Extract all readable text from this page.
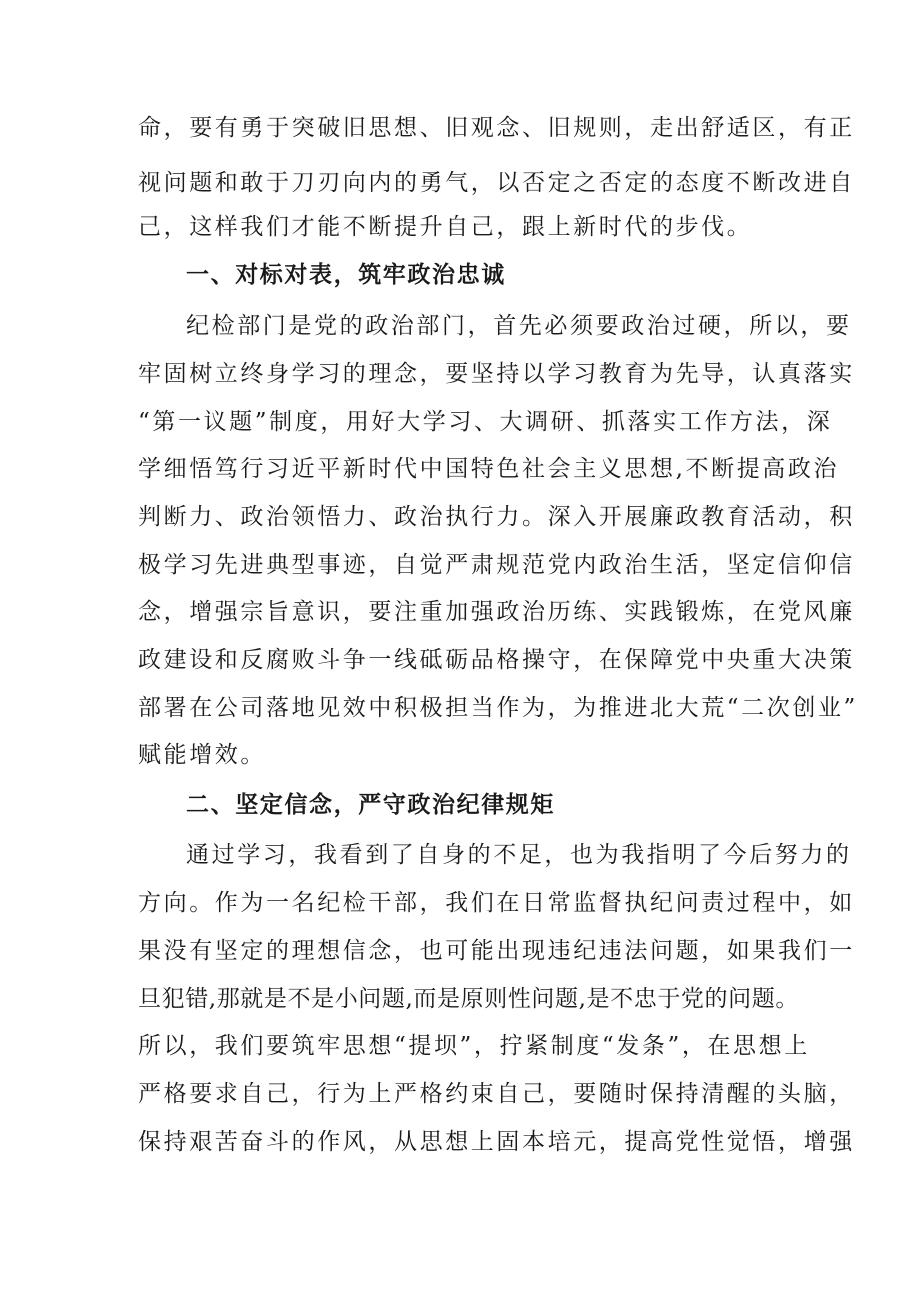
命，要有勇于突破旧思想、旧观念、旧规则，走出舒适区，有正
视问题和敢于刀刃向内的勇气，以否定之否定的态度不断改进自
己，这样我们才能不断提升自己，跟上新时代的步伐。
一、对标对表，筑牢政治忠诚
纪检部门是党的政治部门，首先必须要政治过硬，所以，要
牢固树立终身学习的理念，要坚持以学习教育为先导，认真落实
“第一议题”制度，用好大学习、大调研、抓落实工作方法，深
学细悟笃行习近平新时代中国特色社会主义思想,不断提高政治
判断力、政治领悟力、政治执行力。深入开展廉政教育活动，积
极学习先进典型事迹，自觉严肃规范党内政治生活，坚定信仰信
念，增强宗旨意识，要注重加强政治历练、实践锻炼，在党风廉
政建设和反腐败斗争一线砥砺品格操守，在保障党中央重大决策
部署在公司落地见效中积极担当作为，为推进北大荒“二次创业”
赋能增效。
二、坚定信念，严守政治纪律规矩
通过学习，我看到了自身的不足，也为我指明了今后努力的
方向。作为一名纪检干部，我们在日常监督执纪问责过程中，如
果没有坚定的理想信念，也可能出现违纪违法问题，如果我们一
旦犯错,那就是不是小问题,而是原则性问题,是不忠于党的问题。
所以，我们要筑牢思想“提坝”，拧紧制度“发条”，在思想上
严格要求自己，行为上严格约束自己，要随时保持清醒的头脑，
保持艰苦奋斗的作风，从思想上固本培元，提高党性觉悟，增强
